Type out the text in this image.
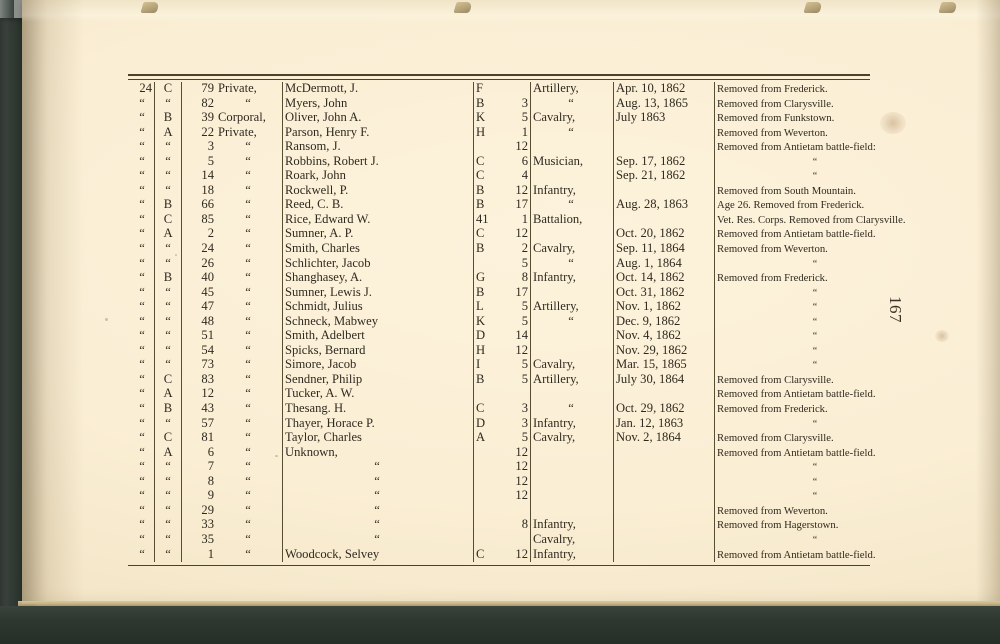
24	C	79	Private,	McDermott, J.	F		Artillery,	Apr. 10, 1862	Removed from Frederick.
“	“	82	“	Myers, John	B	3	“	Aug. 13, 1865	Removed from Clarysville.
“	B	39	Corporal,	Oliver, John A.	K	5	Cavalry,	July 1863	Removed from Funkstown.
“	A	22	Private,	Parson, Henry F.	H	1	“		Removed from Weverton.
“	“	3	“	Ransom, J.		12			Removed from Antietam battle-field:
“	“	5	“	Robbins, Robert J.	C	6	Musician,	Sep. 17, 1862	“
“	“	14	“	Roark, John	C	4		Sep. 21, 1862	“
“	“	18	“	Rockwell, P.	B	12	Infantry,		Removed from South Mountain.
“	B	66	“	Reed, C. B.	B	17	“	Aug. 28, 1863	Age 26. Removed from Frederick.
“	C	85	“	Rice, Edward W.	41	1	Battalion,		Vet. Res. Corps. Removed from Clarysville.
“	A	2	“	Sumner, A. P.	C	12		Oct. 20, 1862	Removed from Antietam battle-field.
“	“	24	“	Smith, Charles	B	2	Cavalry,	Sep. 11, 1864	Removed from Weverton.
“	“	26	“	Schlichter, Jacob		5	“	Aug. 1, 1864	“
“	B	40	“	Shanghasey, A.	G	8	Infantry,	Oct. 14, 1862	Removed from Frederick.
“	“	45	“	Sumner, Lewis J.	B	17		Oct. 31, 1862	“
“	“	47	“	Schmidt, Julius	L	5	Artillery,	Nov. 1, 1862	“
“	“	48	“	Schneck, Mabwey	K	5	“	Dec. 9, 1862	“
“	“	51	“	Smith, Adelbert	D	14		Nov. 4, 1862	“
“	“	54	“	Spicks, Bernard	H	12		Nov. 29, 1862	“
“	“	73	“	Simore, Jacob	I	5	Cavalry,	Mar. 15, 1865	“
“	C	83	“	Sendner, Philip	B	5	Artillery,	July 30, 1864	Removed from Clarysville.
“	A	12	“	Tucker, A. W.					Removed from Antietam battle-field.
“	B	43	“	Thesang. H.	C	3	“	Oct. 29, 1862	Removed from Frederick.
“	“	57	“	Thayer, Horace P.	D	3	Infantry,	Jan. 12, 1863	“
“	C	81	“	Taylor, Charles	A	5	Cavalry,	Nov. 2, 1864	Removed from Clarysville.
“	A	6	“	Unknown,		12			Removed from Antietam battle-field.
“	“	7	“	“		12			“
“	“	8	“	“		12			“
“	“	9	“	“		12			“
“	“	29	“	“					Removed from Weverton.
“	“	33	“	“		8	Infantry,		Removed from Hagerstown.
“	“	35	“	“			Cavalry,		“
“	“	1	“	Woodcock, Selvey	C	12	Infantry,		Removed from Antietam battle-field.
167
